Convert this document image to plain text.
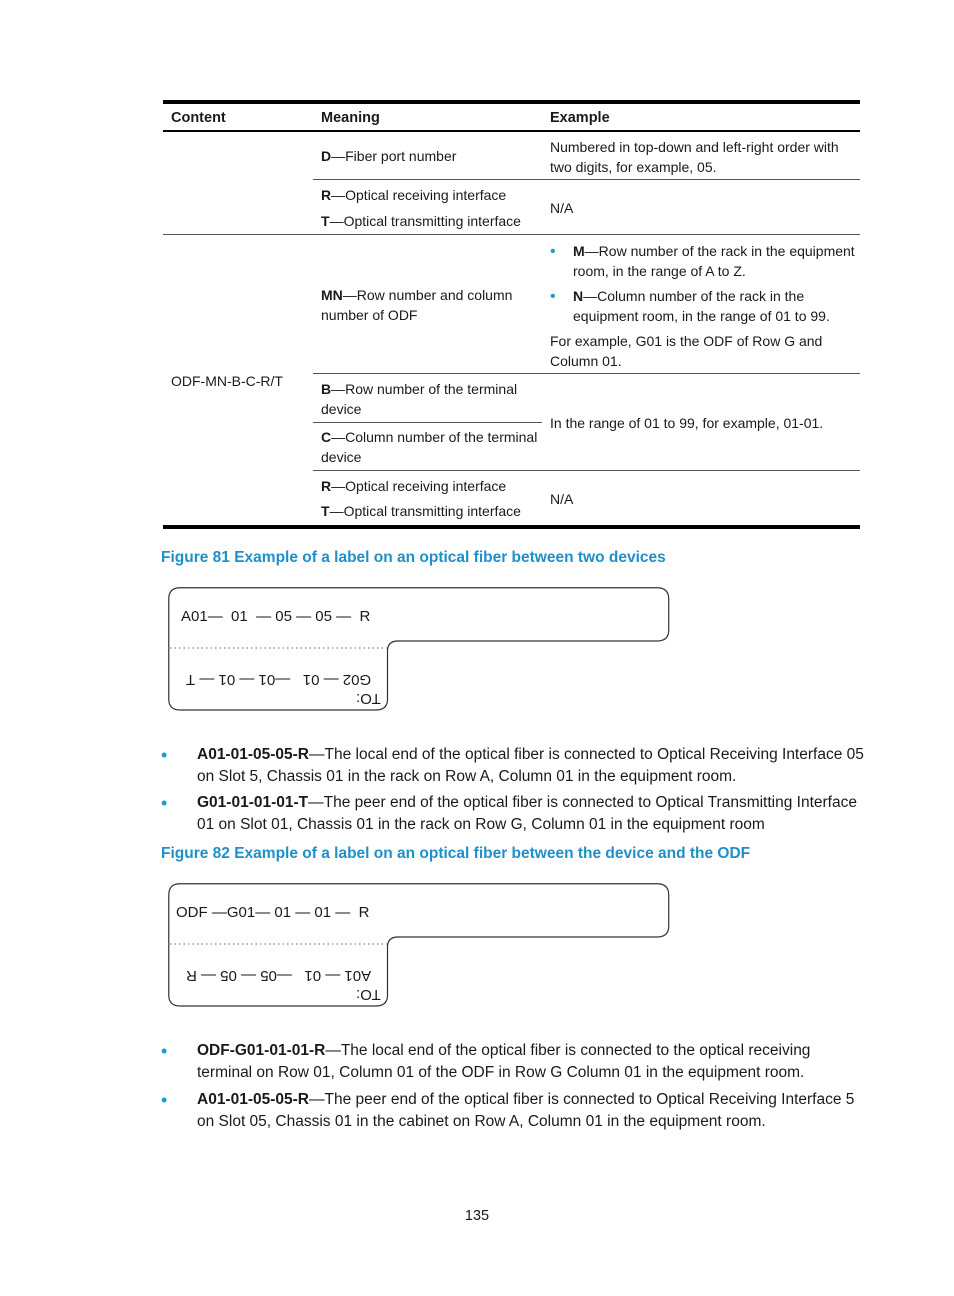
Content	Meaning	Example
D—Fiber port number
Numbered in top-down and left-right order with two digits, for example, 05.
R—Optical receiving interface
T—Optical transmitting interface
N/A
ODF-MN-B-C-R/T
MN—Row number and column number of ODF
• M—Row number of the rack in the equipment room, in the range of A to Z.
• N—Column number of the rack in the equipment room, in the range of 01 to 99.
For example, G01 is the ODF of Row G and Column 01.
B—Row number of the terminal device
C—Column number of the terminal device
In the range of 01 to 99, for example, 01-01.
R—Optical receiving interface
T—Optical transmitting interface
N/A
Figure 81 Example of a label on an optical fiber between two devices
A01— 01 — 05 — 05 — R
G02 — 01   —01 — 01 — T
TO:
• A01-01-05-05-R—The local end of the optical fiber is connected to Optical Receiving Interface 05 on Slot 5, Chassis 01 in the rack on Row A, Column 01 in the equipment room.
• G01-01-01-01-T—The peer end of the optical fiber is connected to Optical Transmitting Interface 01 on Slot 01, Chassis 01 in the rack on Row G, Column 01 in the equipment room
Figure 82 Example of a label on an optical fiber between the device and the ODF
ODF —G01— 01 — 01 — R
A01 — 01   —05 — 05 — R
TO:
• ODF-G01-01-01-R—The local end of the optical fiber is connected to the optical receiving terminal on Row 01, Column 01 of the ODF in Row G Column 01 in the equipment room.
• A01-01-05-05-R—The peer end of the optical fiber is connected to Optical Receiving Interface 5 on Slot 05, Chassis 01 in the cabinet on Row A, Column 01 in the equipment room.
135
